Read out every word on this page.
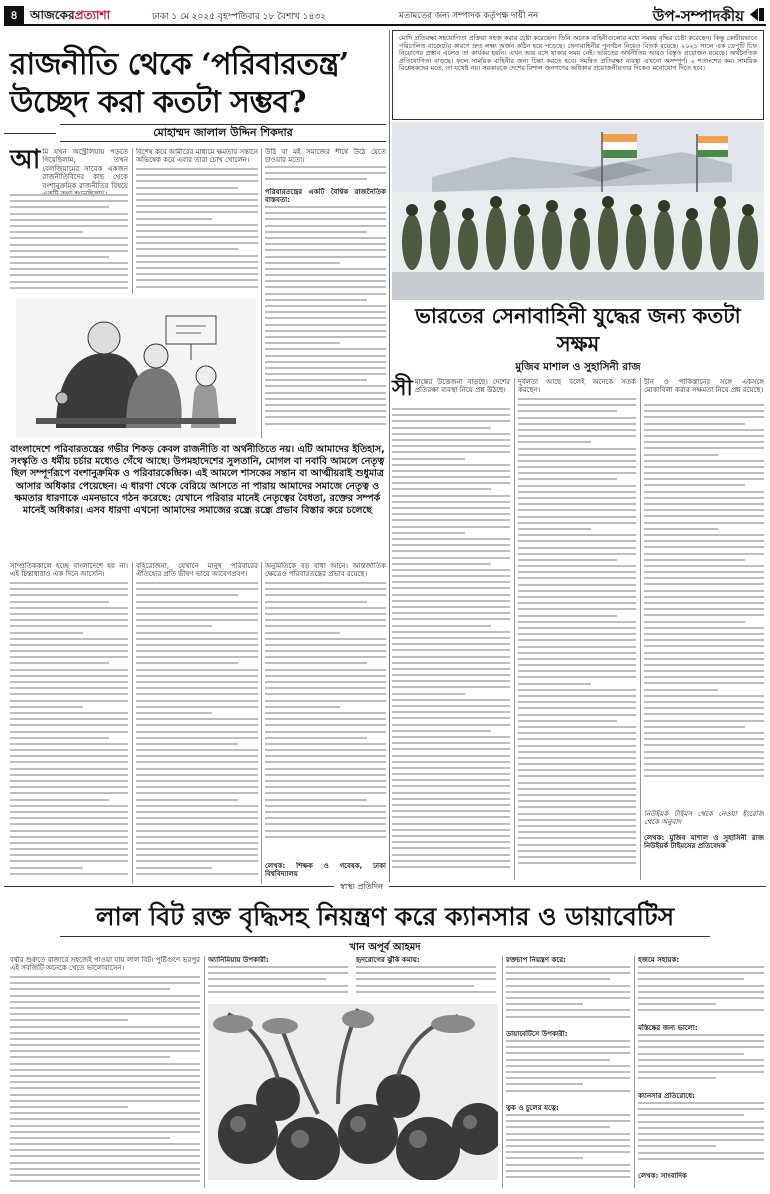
৪	আজকেরপ্রত্যাশা	ঢাকা ১ মে ২০২৫ বৃহস্পতিবার ১৮ বৈশাখ ১৪৩২	মতামতের জন্য সম্পাদক কর্তৃপক্ষ দায়ী নন	উপ-সম্পাদকীয়
রাজনীতি থেকে ‘পরিবারতন্ত্র’ উচ্ছেদ করা কতটা সম্ভব?
মোহাম্মদ জালাল উদ্দিন শিকদার
আ মি যখন অস্ট্রেলিয়ায় পড়তে গিয়েছিলাম, তখন বেলজিয়ামের সাবেক একজন রাজনীতিবিদের কাছ থেকে বংশানুক্রমিক রাজনীতির বিষয়ে
বিশেষ করে আমীরের মাধ্যমে ক্ষমতার সন্তানে অভিষেক করে এবার তারা চোখ খোলেন।
উঠি বা মই সমাজের শীর্ষে উঠে যেতে চাওয়ার মতো।
পরিবারতন্ত্রের একটি বৈশ্বিক রাজনৈতিক বাস্তবতা:
বাংলাদেশে পরিবারতন্ত্রের গভীর শিকড় কেবল রাজনীতি বা অর্থনীতিতে নয়। এটি আমাদের ইতিহাস, সংস্কৃতি ও ধর্মীয় চর্চার মধ্যেও গেঁথে আছে। উপমহাদেশের সুলতানি, মোগল বা নবাবি আমলে নেতৃত্ব ছিল সম্পূর্ণরূপে বংশানুক্রমিক ও পরিবারকেন্দ্রিক। এই আমলে শাসকের সন্তান বা আত্মীয়রাই শুধুমাত্র আসার অধিকার পেয়েছেন। এ ধারণা থেকে বেরিয়ে আসতে না পারায় আমাদের সমাজে নেতৃত্ব ও ক্ষমতার ধারণাকে এমনভাবে গঠন করেছে: যেখানে পরিবার মানেই নেতৃত্বের বৈধতা, রক্তের সম্পর্ক মানেই অধিকার। এসব ধারণা এখনো আমাদের সমাজের রন্ধ্রে রন্ধ্রে প্রভাব বিস্তার করে চলেছে
সাম্প্রতিককালে হচ্ছে বাংলাদেশে হয় না। এই চিন্তাধারাও এক দিনে আসেনি।
বহিরোজনা, যেখানে মানুষ পরিবারের ঐতিহ্যের প্রতি ভীষণ ভাবে আবেগপ্রবণ।
অনুমিতিকে বড় বাধা আনে। আন্তর্জাতিক ক্ষেত্রেও পরিবারতন্ত্রের প্রভাব রয়েছে।
লেখক: শিক্ষক ও গবেষক, ঢাকা বিশ্ববিদ্যালয়
মোদি প্রতিরক্ষা সহযোগিতা প্রক্রিয়া সহজ করার চেষ্টা করেছেন। তিনি অনেক বাহিনীগুলোর মধ্যে সমন্বয় বৃদ্ধির চেষ্টা করেছেন। কিন্তু কেন্দ্রীয়ভাবে পরিচালিত বাজেটের কারণে দ্রুত লক্ষ্য অর্জন কঠিন হয়ে পড়েছে। সেনাবাহিনীর পুনর্গঠন নিয়েও বিতর্ক রয়েছে। ২০২১ সালে এক ডেপুটি চিফ নিয়োগের প্রস্তাব এলেও তা কার্যকর হয়নি। এখন আর বসে থাকার সময় নেই। ভারতের অর্থনীতির আরও বিস্তৃত প্রয়োজন রয়েছে। অর্থনৈতিক প্রতিযোগিতা বাড়ছে। ফলে সাময়িক বাহিনীর জন্য চিন্তা করতে হবে। সমন্বিত প্রতিরক্ষা ব্যবস্থা এখনো অসম্পূর্ণ। ২ শতাংশের কম। সামরিক বিশ্লেষকদের মতে, তা যথেষ্ট নয়। সরকারকে দেশের বিশাল জনগণের অধিকার প্রয়োজনীয়তার দিকেও মনোযোগ দিতে হবে।
ভারতের সেনাবাহিনী যুদ্ধের জন্য কতটা সক্ষম
মুজিব মাশাল ও সুহাসিনী রাজ
সী মান্তের উত্তেজনা বাড়ছে। দেশের প্রতিরক্ষা ব্যবস্থা নিয়ে প্রশ্ন উঠছে।
দুর্বলতা আছে বলেই অনেকে সতর্ক করছেন।
চীন ও পাকিস্তানের সঙ্গে একসঙ্গে মোকাবিলা করার সক্ষমতা নিয়ে প্রশ্ন রয়েছে।
নিউইয়র্ক টাইমস থেকে নেওয়া ইংরেজি থেকে অনুবাদ
লেখক: মুজিব মাশাল ও সুহাসিনী রাজ নিউইয়র্ক টাইমসের প্রতিবেদক
স্বাস্থ্য প্রতিদিন
লাল বিট রক্ত বৃদ্ধিসহ নিয়ন্ত্রণ করে ক্যানসার ও ডায়াবেটিস
খান অপূর্ব আহমদ
বর্ষার শুরুতে বাজারে সহজেই পাওয়া যায় লাল বিট। পুষ্টিগুণে ভরপুর এই সবজিটি অনেকে খেতে ভালোবাসেন।
অ্যানিমিয়ায় উপকারী:	হৃদরোগের ঝুঁকি কমায়:	রক্তচাপ নিয়ন্ত্রণ করে:
ডায়াবেটিসে উপকারী:
ত্বক ও চুলের যত্নে:
হজমে সহায়ক:
মস্তিষ্কের জন্য ভালো:
ক্যানসার প্রতিরোধে:
লেখক: সাংবাদিক
